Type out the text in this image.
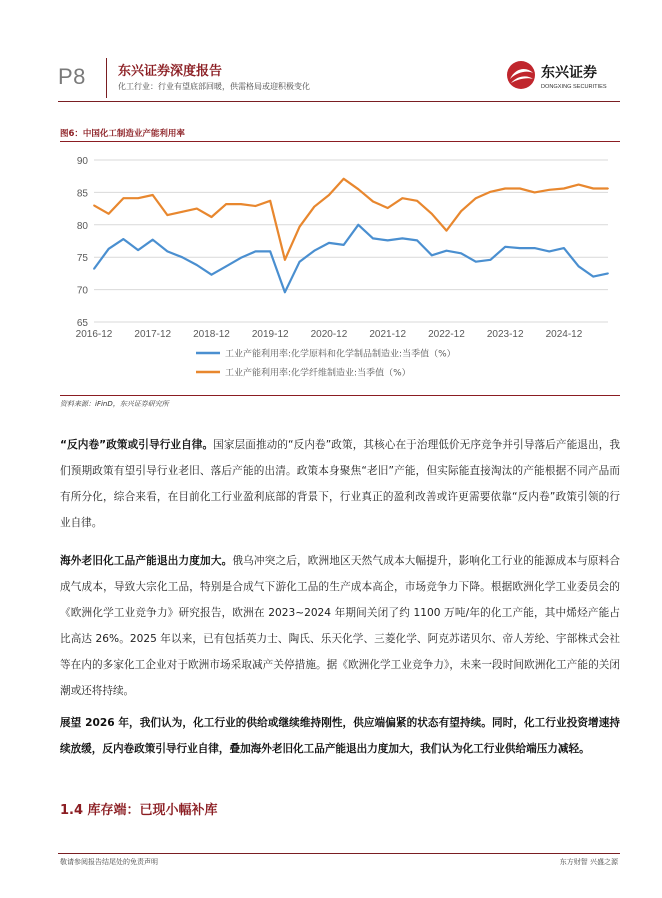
P8 东兴证券深度报告
化工行业：行业有望底部回暖，供需格局或迎积极变化
东兴证券
DONGXING SECURITIES
图6：中国化工制造业产能利用率
90
85
80
75
70
65
2016-12 2017-12 2018-12 2019-12 2020-12 2021-12 2022-12 2023-12 2024-12
工业产能利用率:化学原料和化学制品制造业:当季值（%）
工业产能利用率:化学纤维制造业:当季值（%）
资料来源：iFinD，东兴证券研究所

“反内卷”政策或引导行业自律。国家层面推动的“反内卷”政策，其核心在于治理低价无序竞争并引导落后产能退出，我们预期政策有望引导行业老旧、落后产能的出清。政策本身聚焦“老旧”产能，但实际能直接淘汰的产能根据不同产品而有所分化，综合来看，在目前化工行业盈利底部的背景下，行业真正的盈利改善或许更需要依靠“反内卷”政策引领的行业自律。

海外老旧化工品产能退出力度加大。俄乌冲突之后，欧洲地区天然气成本大幅提升，影响化工行业的能源成本与原料合成气成本，导致大宗化工品，特别是合成气下游化工品的生产成本高企，市场竞争力下降。根据欧洲化学工业委员会的《欧洲化学工业竞争力》研究报告，欧洲在 2023~2024 年期间关闭了约 1100 万吨/年的化工产能，其中烯烃产能占比高达 26%。2025 年以来，已有包括英力士、陶氏、乐天化学、三菱化学、阿克苏诺贝尔、帝人芳纶、宇部株式会社等在内的多家化工企业对于欧洲市场采取减产关停措施。据《欧洲化学工业竞争力》，未来一段时间欧洲化工产能的关闭潮或还将持续。

展望 2026 年，我们认为，化工行业的供给或继续维持刚性，供应端偏紧的状态有望持续。同时，化工行业投资增速持续放缓，反内卷政策引导行业自律，叠加海外老旧化工品产能退出力度加大，我们认为化工行业供给端压力减轻。

1.4 库存端：已现小幅补库
敬请参阅报告结尾处的免责声明	东方财智 兴盛之源
